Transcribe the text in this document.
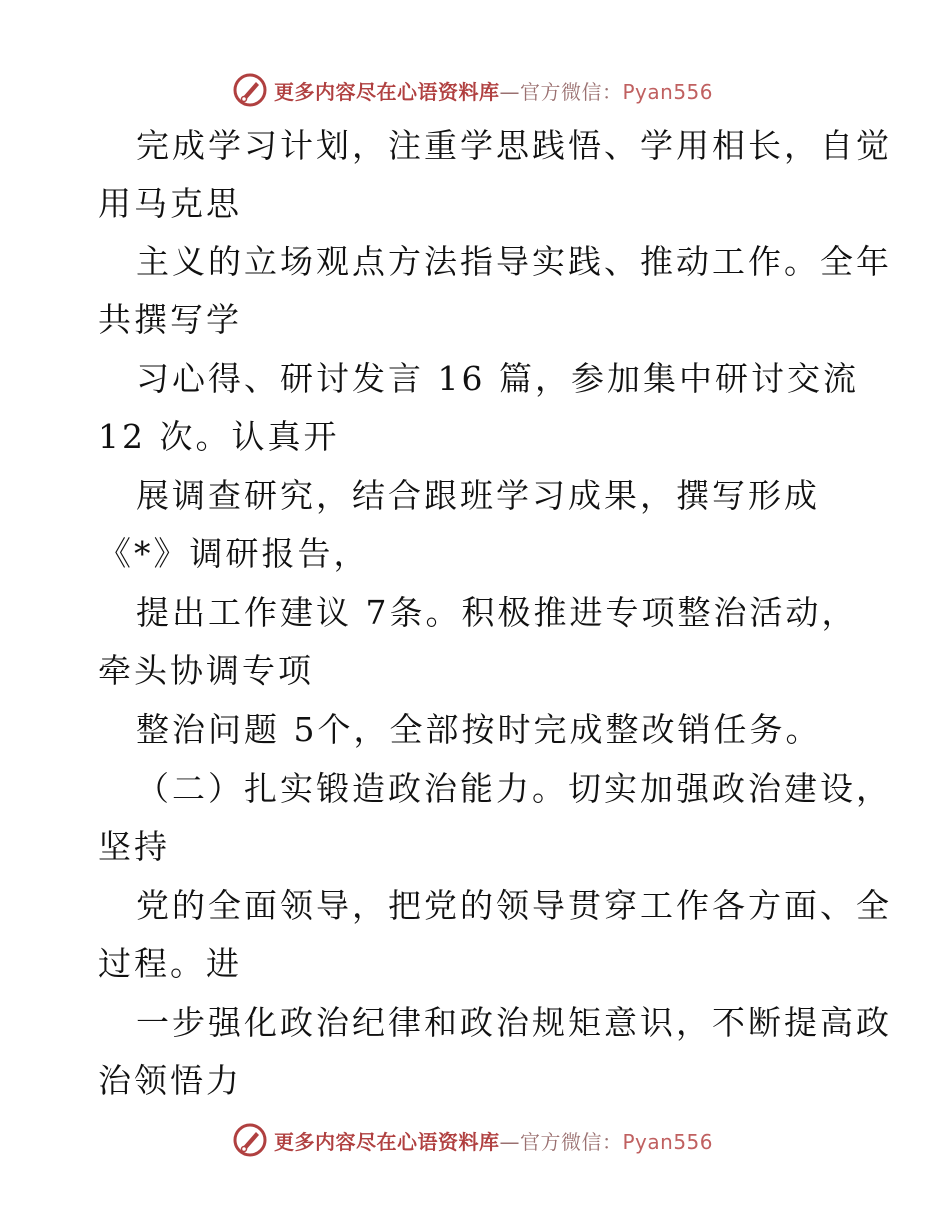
更多内容尽在心语资料库—官方微信：Pyan556
完成学习计划，注重学思践悟、学用相长，自觉
用马克思
主义的立场观点方法指导实践、推动工作。全年
共撰写学
习心得、研讨发言 16 篇，参加集中研讨交流
12 次。认真开
展调查研究，结合跟班学习成果，撰写形成
《*》调研报告，
提出工作建议 7条。积极推进专项整治活动，
牵头协调专项
整治问题 5个，全部按时完成整改销任务。
（二）扎实锻造政治能力。切实加强政治建设，
坚持
党的全面领导，把党的领导贯穿工作各方面、全
过程。进
一步强化政治纪律和政治规矩意识，不断提高政
治领悟力
更多内容尽在心语资料库—官方微信：Pyan556
